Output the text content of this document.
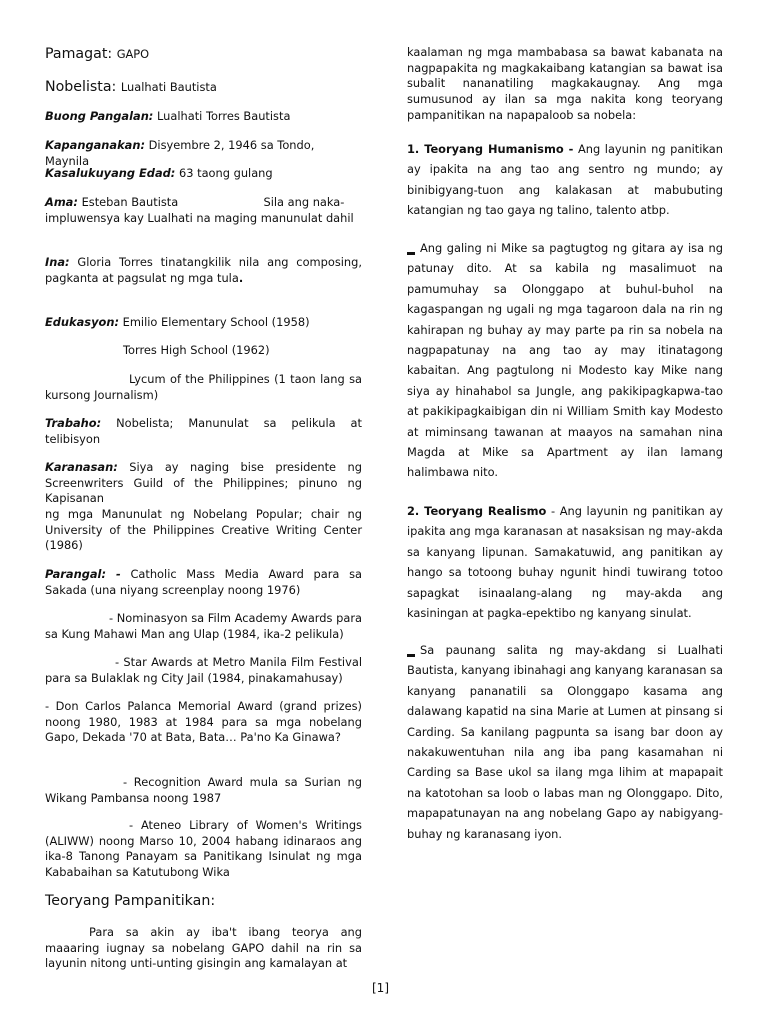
Pamagat: GAPO
Nobelista: Lualhati Bautista
Buong Pangalan: Lualhati Torres Bautista
Kapanganakan: Disyembre 2, 1946 sa Tondo, Maynila
Kasalukuyang Edad: 63 taong gulang
Ama: Esteban Bautista	Sila ang naka-impluwensya kay Lualhati na maging manunulat dahil
Ina: Gloria Torres tinatangkilik nila ang composing, pagkanta at pagsulat ng mga tula.
Edukasyon: Emilio Elementary School (1958)
Torres High School (1962)
Lycum of the Philippines (1 taon lang sa kursong Journalism)
Trabaho: Nobelista; Manunulat sa pelikula at telibisyon
Karanasan: Siya ay naging bise presidente ng Screenwriters Guild of the Philippines; pinuno ng Kapisanan
ng mga Manunulat ng Nobelang Popular; chair ng University of the Philippines Creative Writing Center (1986)
Parangal: - Catholic Mass Media Award para sa Sakada (una niyang screenplay noong 1976)
- Nominasyon sa Film Academy Awards para sa Kung Mahawi Man ang Ulap (1984, ika-2 pelikula)
- Star Awards at Metro Manila Film Festival para sa Bulaklak ng City Jail (1984, pinakamahusay)
- Don Carlos Palanca Memorial Award (grand prizes) noong 1980, 1983 at 1984 para sa mga nobelang Gapo, Dekada '70 at Bata, Bata… Pa'no Ka Ginawa?
- Recognition Award mula sa Surian ng Wikang Pambansa noong 1987
- Ateneo Library of Women's Writings (ALIWW) noong Marso 10, 2004 habang idinaraos ang ika-8 Tanong Panayam sa Panitikang Isinulat ng mga Kababaihan sa Katutubong Wika
Teoryang Pampanitikan:
Para sa akin ay iba't ibang teorya ang maaaring iugnay sa nobelang GAPO dahil na rin sa layunin nitong unti-unting gisingin ang kamalayan at
kaalaman ng mga mambabasa sa bawat kabanata na nagpapakita ng magkakaibang katangian sa bawat isa subalit nananatiling magkakaugnay. Ang mga sumusunod ay ilan sa mga nakita kong teoryang pampanitikan na napapaloob sa nobela:
1. Teoryang Humanismo - Ang layunin ng panitikan ay ipakita na ang tao ang sentro ng mundo; ay binibigyang-tuon ang kalakasan at mabubuting katangian ng tao gaya ng talino, talento atbp.
Ang galing ni Mike sa pagtugtog ng gitara ay isa ng patunay dito. At sa kabila ng masalimuot na pamumuhay sa Olonggapo at buhul-buhol na kagaspangan ng ugali ng mga tagaroon dala na rin ng kahirapan ng buhay ay may parte pa rin sa nobela na nagpapatunay na ang tao ay may itinatagong kabaitan. Ang pagtulong ni Modesto kay Mike nang siya ay hinahabol sa Jungle, ang pakikipagkapwa-tao at pakikipagkaibigan din ni William Smith kay Modesto at miminsang tawanan at maayos na samahan nina Magda at Mike sa Apartment ay ilan lamang halimbawa nito.
2. Teoryang Realismo - Ang layunin ng panitikan ay ipakita ang mga karanasan at nasaksisan ng may-akda sa kanyang lipunan. Samakatuwid, ang panitikan ay hango sa totoong buhay ngunit hindi tuwirang totoo sapagkat isinaalang-alang ng may-akda ang kasiningan at pagka-epektibo ng kanyang sinulat.
Sa paunang salita ng may-akdang si Lualhati Bautista, kanyang ibinahagi ang kanyang karanasan sa kanyang pananatili sa Olonggapo kasama ang dalawang kapatid na sina Marie at Lumen at pinsang si Carding. Sa kanilang pagpunta sa isang bar doon ay nakakuwentuhan nila ang iba pang kasamahan ni Carding sa Base ukol sa ilang mga lihim at mapapait na katotohan sa loob o labas man ng Olonggapo. Dito, mapapatunayan na ang nobelang Gapo ay nabigyang-buhay ng karanasang iyon.
[1]
